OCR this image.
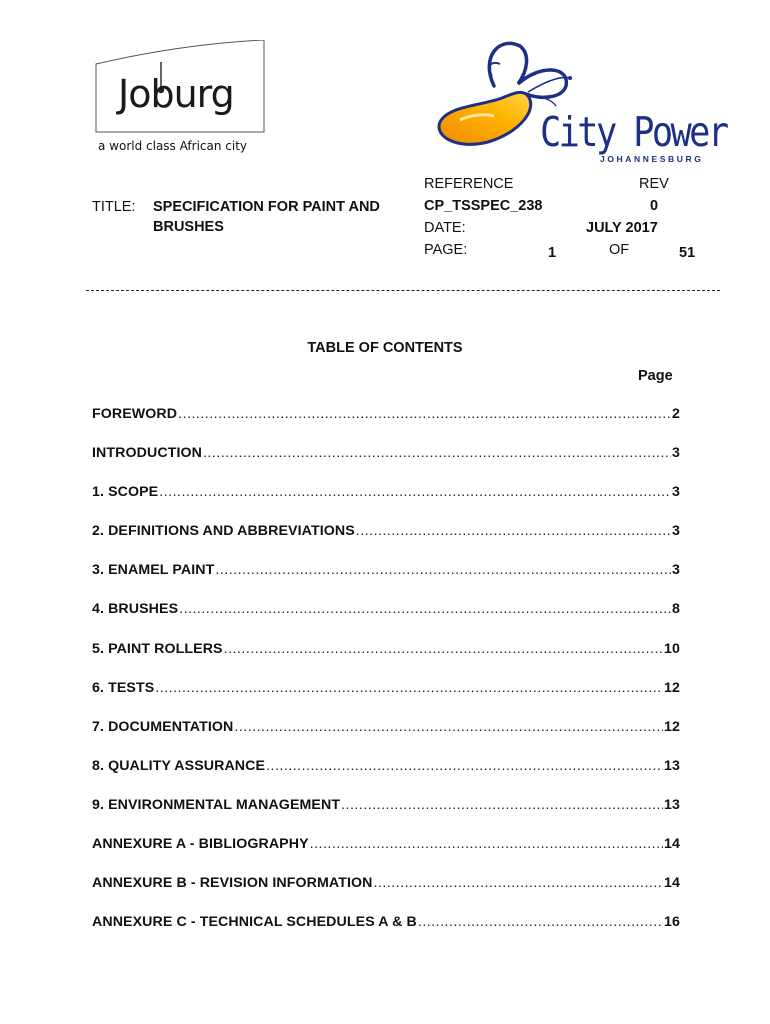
Joburg
a world class African city	City Power
JOHANNESBURG
TITLE: SPECIFICATION FOR PAINT AND
BRUSHES
REFERENCE	REV
CP_TSSPEC_238	0
DATE:	JULY 2017
PAGE:	1	OF	51
TABLE OF CONTENTS
Page
FOREWORD .....	2
INTRODUCTION .....	3
1. SCOPE .....	3
2. DEFINITIONS AND ABBREVIATIONS .....	3
3. ENAMEL PAINT .....	3
4. BRUSHES .....	8
5. PAINT ROLLERS .....	10
6. TESTS .....	12
7. DOCUMENTATION .....	12
8. QUALITY ASSURANCE .....	13
9. ENVIRONMENTAL MANAGEMENT .....	13
ANNEXURE A - BIBLIOGRAPHY .....	14
ANNEXURE B - REVISION INFORMATION .....	14
ANNEXURE C - TECHNICAL SCHEDULES A & B .....	16
